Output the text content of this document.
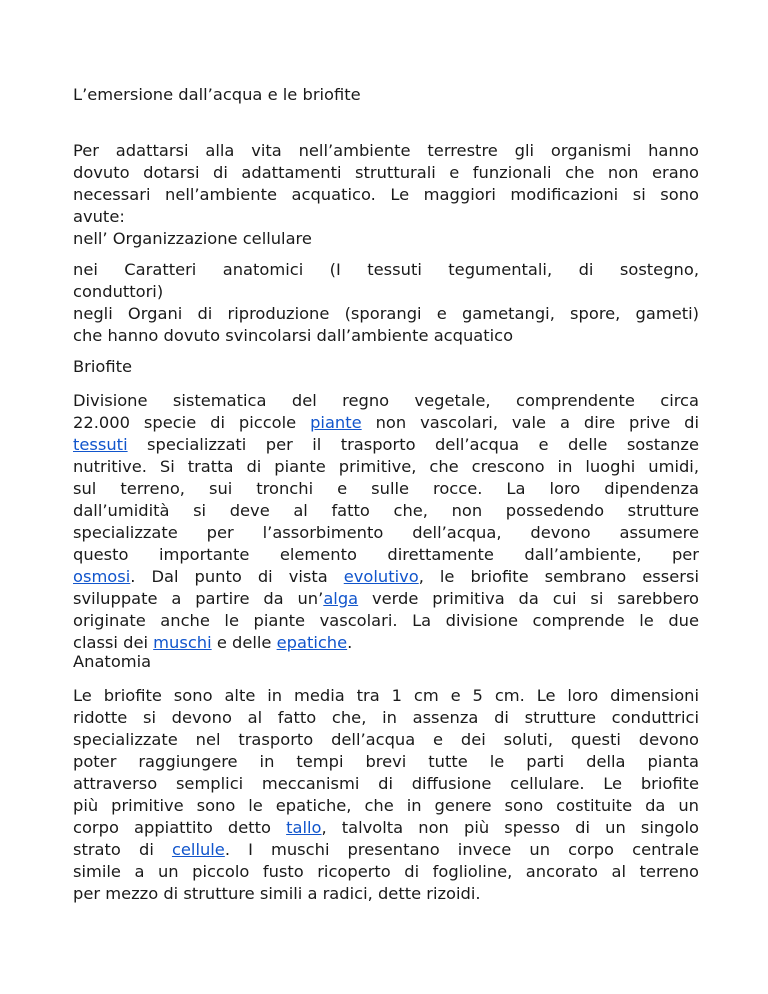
L’emersione dall’acqua e le briofite
Per adattarsi alla vita nell’ambiente terrestre gli organismi hanno
dovuto dotarsi di adattamenti strutturali e funzionali che non erano
necessari nell’ambiente acquatico. Le maggiori modificazioni si sono
avute:
nell’ Organizzazione cellulare
nei Caratteri anatomici (I tessuti tegumentali, di sostegno,
conduttori)
negli Organi di riproduzione (sporangi e gametangi, spore, gameti)
che hanno dovuto svincolarsi dall’ambiente acquatico
Briofite
Divisione sistematica del regno vegetale, comprendente circa
22.000 specie di piccole piante non vascolari, vale a dire prive di
tessuti specializzati per il trasporto dell’acqua e delle sostanze
nutritive. Si tratta di piante primitive, che crescono in luoghi umidi,
sul terreno, sui tronchi e sulle rocce. La loro dipendenza
dall’umidità si deve al fatto che, non possedendo strutture
specializzate per l’assorbimento dell’acqua, devono assumere
questo importante elemento direttamente dall’ambiente, per
osmosi. Dal punto di vista evolutivo, le briofite sembrano essersi
sviluppate a partire da un’alga verde primitiva da cui si sarebbero
originate anche le piante vascolari. La divisione comprende le due
classi dei muschi e delle epatiche.
Anatomia
Le briofite sono alte in media tra 1 cm e 5 cm. Le loro dimensioni
ridotte si devono al fatto che, in assenza di strutture conduttrici
specializzate nel trasporto dell’acqua e dei soluti, questi devono
poter raggiungere in tempi brevi tutte le parti della pianta
attraverso semplici meccanismi di diffusione cellulare. Le briofite
più primitive sono le epatiche, che in genere sono costituite da un
corpo appiattito detto tallo, talvolta non più spesso di un singolo
strato di cellule. I muschi presentano invece un corpo centrale
simile a un piccolo fusto ricoperto di foglioline, ancorato al terreno
per mezzo di strutture simili a radici, dette rizoidi.
